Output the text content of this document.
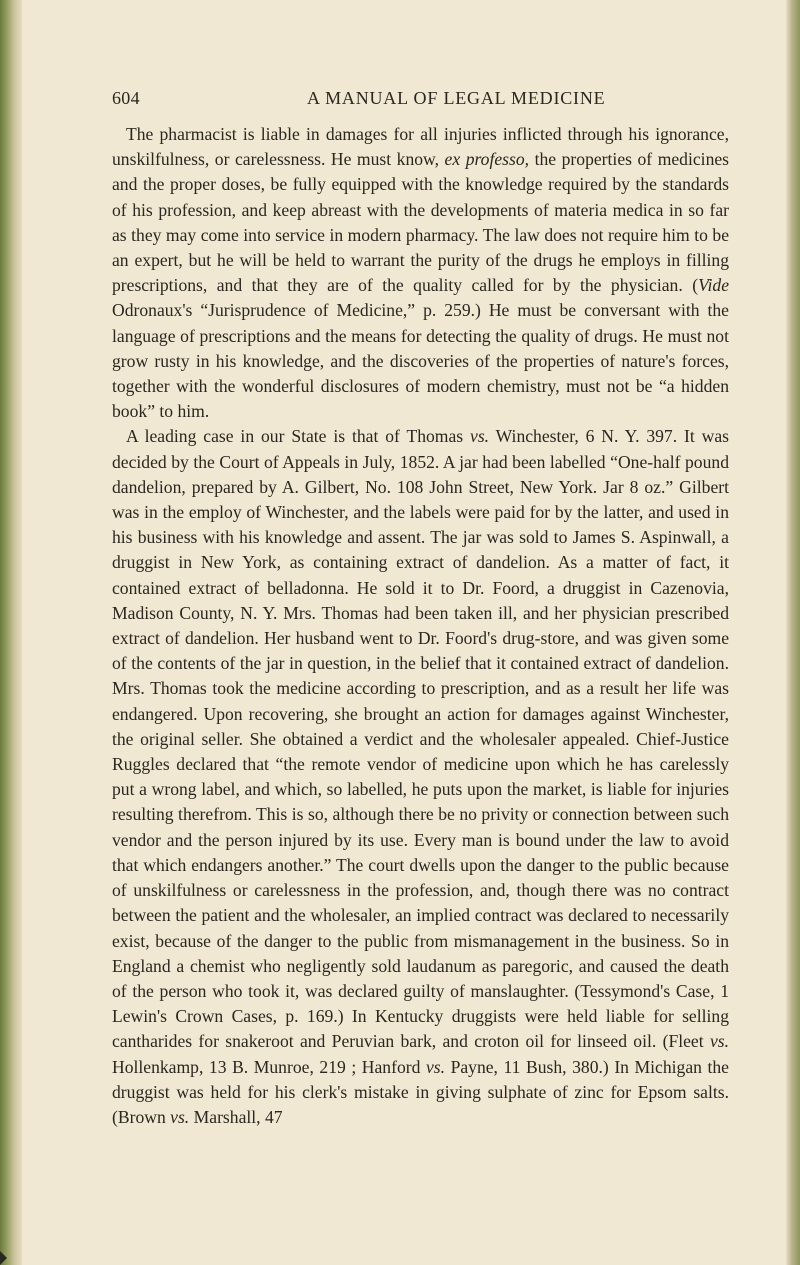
604	A MANUAL OF LEGAL MEDICINE

The pharmacist is liable in damages for all injuries inflicted through his ignorance, unskilfulness, or carelessness. He must know, ex professo, the properties of medicines and the proper doses, be fully equipped with the knowledge required by the standards of his profession, and keep abreast with the developments of materia medica in so far as they may come into service in modern pharmacy. The law does not require him to be an expert, but he will be held to warrant the purity of the drugs he employs in filling prescriptions, and that they are of the quality called for by the physician. (Vide Odronaux's “Jurisprudence of Medicine,” p. 259.) He must be conversant with the language of prescriptions and the means for detecting the quality of drugs. He must not grow rusty in his knowledge, and the discoveries of the properties of nature's forces, together with the wonderful disclosures of modern chemistry, must not be “a hidden book” to him.

A leading case in our State is that of Thomas vs. Winchester, 6 N. Y. 397. It was decided by the Court of Appeals in July, 1852. A jar had been labelled “One-half pound dandelion, prepared by A. Gilbert, No. 108 John Street, New York. Jar 8 oz.” Gilbert was in the employ of Winchester, and the labels were paid for by the latter, and used in his business with his knowledge and assent. The jar was sold to James S. Aspinwall, a druggist in New York, as containing extract of dandelion. As a matter of fact, it contained extract of belladonna. He sold it to Dr. Foord, a druggist in Cazenovia, Madison County, N. Y. Mrs. Thomas had been taken ill, and her physician prescribed extract of dandelion. Her husband went to Dr. Foord's drug-store, and was given some of the contents of the jar in question, in the belief that it contained extract of dandelion. Mrs. Thomas took the medicine according to prescription, and as a result her life was endangered. Upon recovering, she brought an action for damages against Winchester, the original seller. She obtained a verdict and the wholesaler appealed. Chief-Justice Ruggles declared that “the remote vendor of medicine upon which he has carelessly put a wrong label, and which, so labelled, he puts upon the market, is liable for injuries resulting therefrom. This is so, although there be no privity or connection between such vendor and the person injured by its use. Every man is bound under the law to avoid that which endangers another.” The court dwells upon the danger to the public because of unskilfulness or carelessness in the profession, and, though there was no contract between the patient and the wholesaler, an implied contract was declared to necessarily exist, because of the danger to the public from mismanagement in the business. So in England a chemist who negligently sold laudanum as paregoric, and caused the death of the person who took it, was declared guilty of manslaughter. (Tessymond's Case, 1 Lewin's Crown Cases, p. 169.) In Kentucky druggists were held liable for selling cantharides for snakeroot and Peruvian bark, and croton oil for linseed oil. (Fleet vs. Hollenkamp, 13 B. Munroe, 219 ; Hanford vs. Payne, 11 Bush, 380.) In Michigan the druggist was held for his clerk's mistake in giving sulphate of zinc for Epsom salts. (Brown vs. Marshall, 47
